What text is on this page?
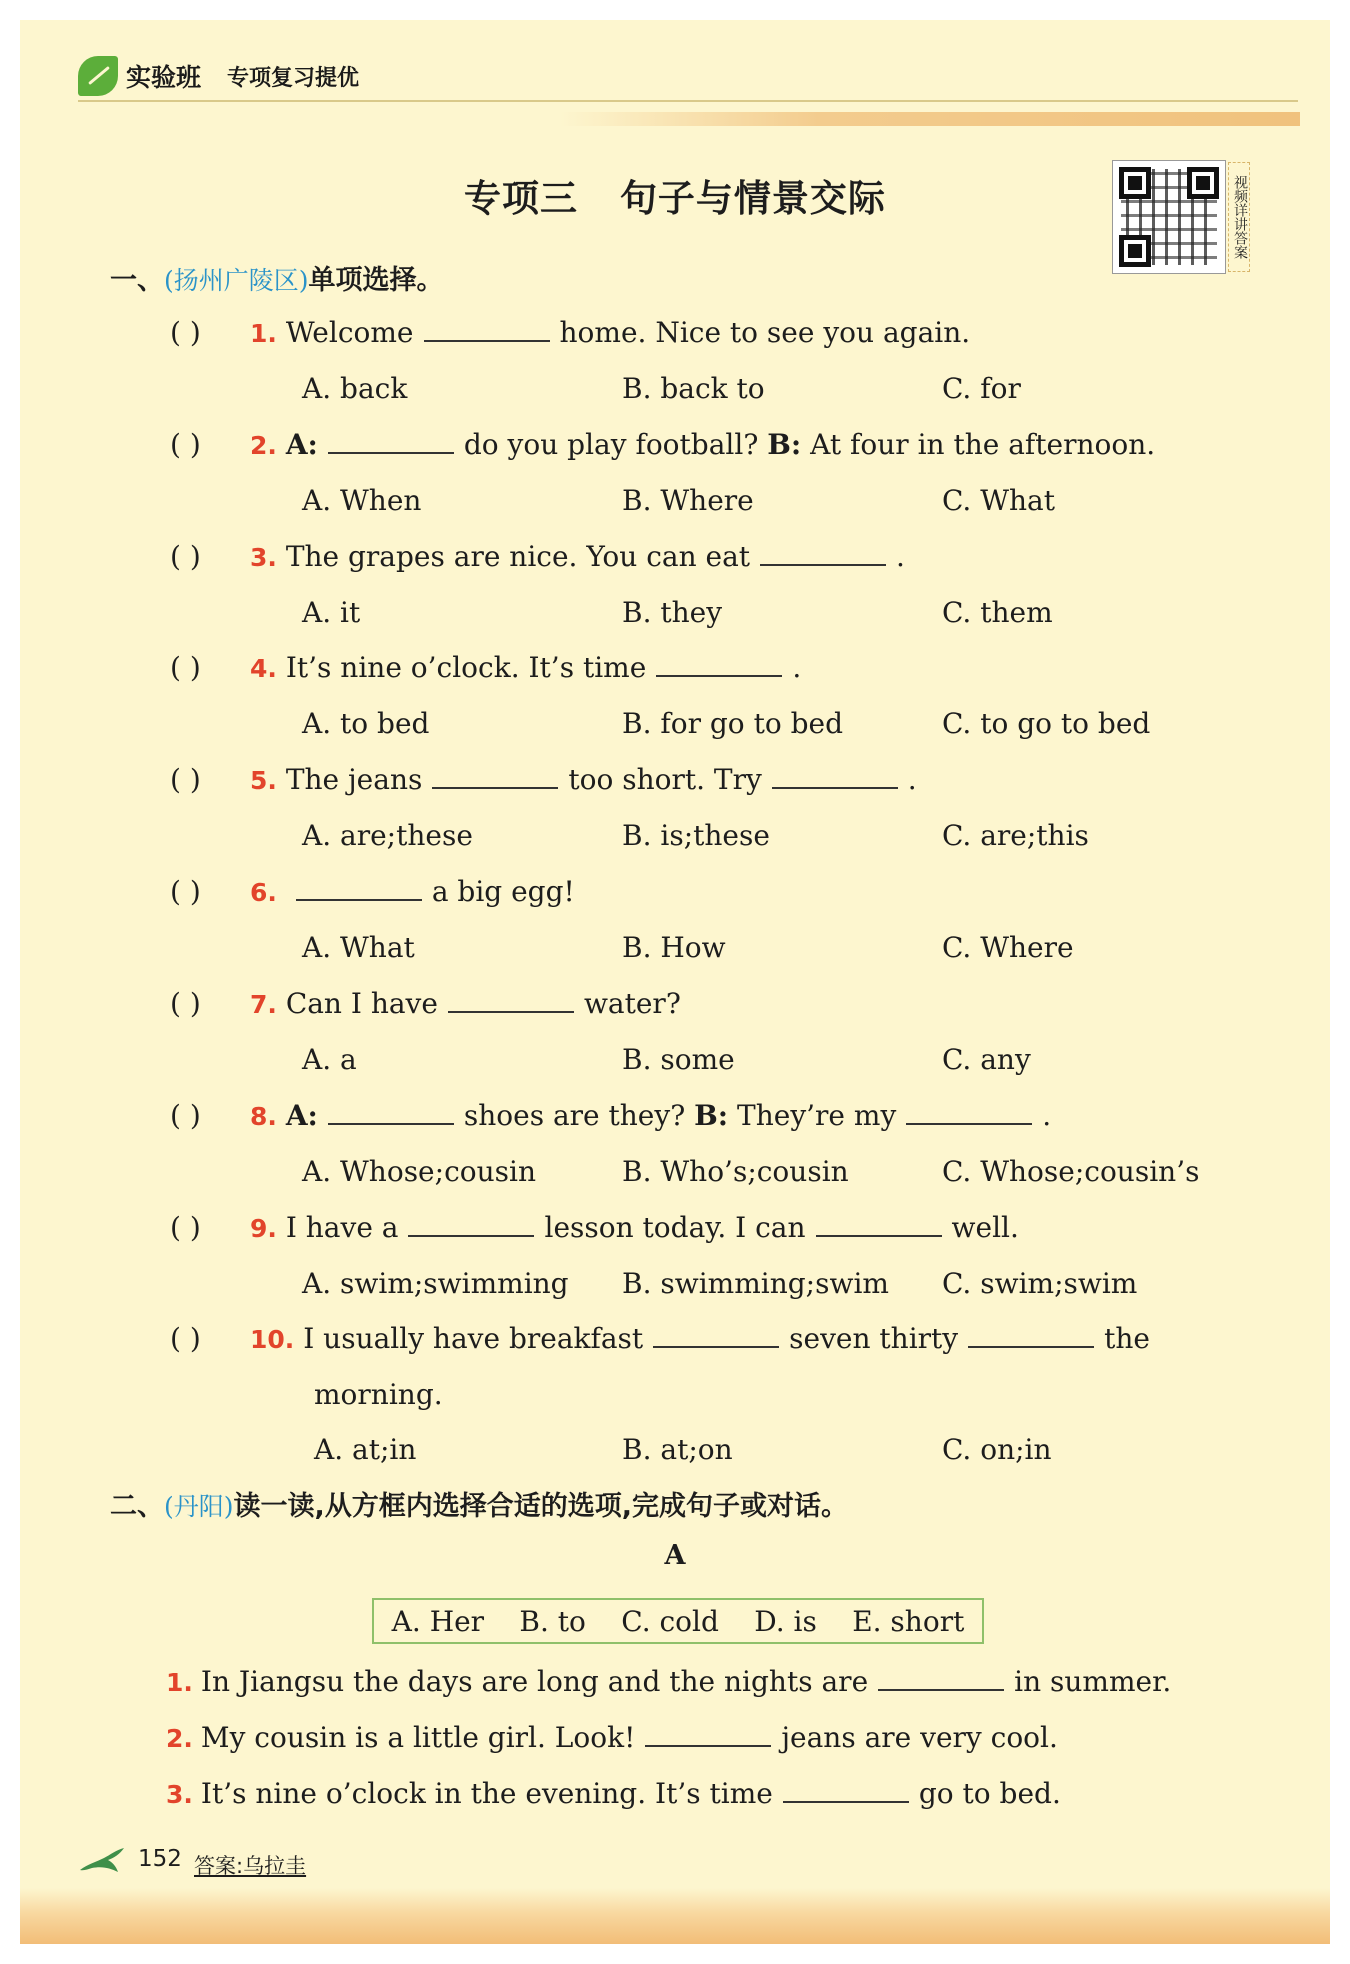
实验班 专项复习提优
专项三 句子与情景交际	视频详讲答案
一、(扬州广陵区)单项选择。
( ) 1. Welcome	home. Nice to see you again.
A. back	B. back to	C. for
( ) 2. A:	do you play football? B: At four in the afternoon.
A. When	B. Where	C. What
( ) 3. The grapes are nice. You can eat	.
A. it	B. they	C. them
( ) 4. It’s nine o’clock. It’s time	.
A. to bed	B. for go to bed	C. to go to bed
( ) 5. The jeans	too short. Try	.
A. are;these	B. is;these	C. are;this
( ) 6.	a big egg!
A. What	B. How	C. Where
( ) 7. Can I have	water?
A. a	B. some	C. any
( ) 8. A:	shoes are they? B: They’re my	.
A. Whose;cousin	B. Who’s;cousin	C. Whose;cousin’s
( ) 9. I have a	lesson today. I can	well.
A. swim;swimming B. swimming;swim C. swim;swim
( ) 10. I usually have breakfast	seven thirty	the
morning.
A. at;in	B. at;on	C. on;in
二、(丹阳)读一读,从方框内选择合适的选项,完成句子或对话。
A
A. Her B. to C. cold D. is E. short
1. In Jiangsu the days are long and the nights are	in summer.
2. My cousin is a little girl. Look!	jeans are very cool.
3. It’s nine o’clock in the evening. It’s time	go to bed.
152 答案:乌拉圭
